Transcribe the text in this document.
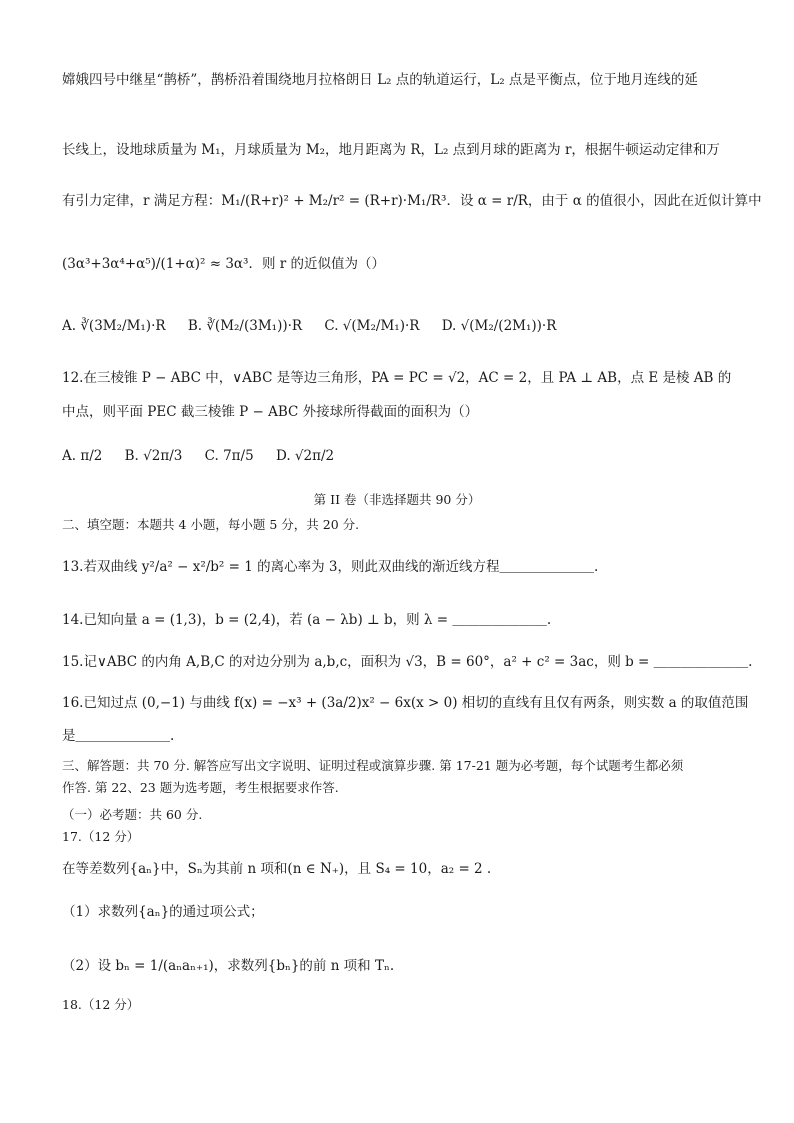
嫦娥四号中继星“鹊桥”，鹊桥沿着围绕地月拉格朗日 L₂ 点的轨道运行，L₂ 点是平衡点，位于地月连线的延
长线上，设地球质量为 M₁，月球质量为 M₂，地月距离为 R，L₂ 点到月球的距离为 r，根据牛顿运动定律和万
有引力定律，r 满足方程：M₁/(R+r)² + M₂/r² = (R+r)·M₁/R³．设 α = r/R，由于 α 的值很小，因此在近似计算中
(3α³+3α⁴+α⁵)/(1+α)² ≈ 3α³．则 r 的近似值为（）
A. ∛(3M₂/M₁)·R B. ∛(M₂/(3M₁))·R C. √(M₂/M₁)·R D. √(M₂/(2M₁))·R
12.在三棱锥 P − ABC 中，∨ABC 是等边三角形，PA = PC = √2，AC = 2，且 PA ⊥ AB，点 E 是棱 AB 的
中点，则平面 PEC 截三棱锥 P − ABC 外接球所得截面的面积为（）
A. π/2 B. √2π/3 C. 7π/5 D. √2π/2
第 II 卷（非选择题共 90 分）
二、填空题：本题共 4 小题，每小题 5 分，共 20 分.
13.若双曲线 y²/a² − x²/b² = 1 的离心率为 3，则此双曲线的渐近线方程＿＿＿＿＿＿＿.
14.已知向量 a = (1,3)，b = (2,4)，若 (a − λb) ⊥ b，则 λ = ＿＿＿＿＿＿＿.
15.记∨ABC 的内角 A,B,C 的对边分别为 a,b,c，面积为 √3，B = 60°，a² + c² = 3ac，则 b = ＿＿＿＿＿＿＿.
16.已知过点 (0,−1) 与曲线 f(x) = −x³ + (3a/2)x² − 6x(x > 0) 相切的直线有且仅有两条，则实数 a 的取值范围
是＿＿＿＿＿＿＿.
三、解答题：共 70 分. 解答应写出文字说明、证明过程或演算步骤. 第 17-21 题为必考题，每个试题考生都必须
作答. 第 22、23 题为选考题，考生根据要求作答.
（一）必考题：共 60 分.
17.（12 分）
在等差数列{aₙ}中，Sₙ为其前 n 项和(n ∈ N₊)，且 S₄ = 10，a₂ = 2 .
（1）求数列{aₙ}的通过项公式；
（2）设 bₙ = 1/(aₙaₙ₊₁)，求数列{bₙ}的前 n 项和 Tₙ.
18.（12 分）
